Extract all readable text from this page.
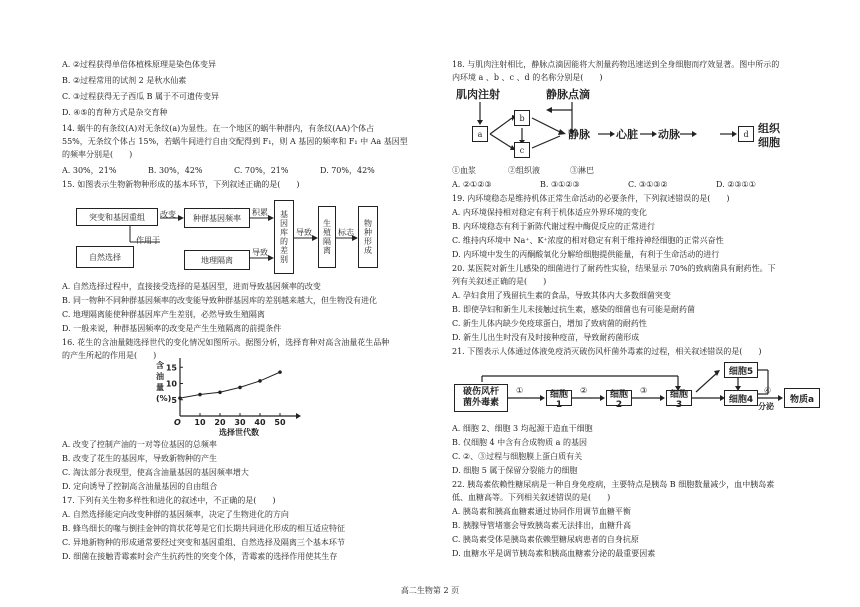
A. ②过程获得单倍体植株原理是染色体变异
B. ②过程常用的试剂 2 是秋水仙素
C. ③过程获得无子西瓜 B 属于不可遗传变异
D. ④⑤的育种方式是杂交育种
14. 蜗牛的有条纹(A)对无条纹(a)为显性。在一个地区的蜗牛种群内，有条纹(AA)个体占
55%，无条纹个体占 15%，若蜗牛间进行自由交配得到 F₁，则 A 基因的频率和 F₁ 中 Aa 基因型
的频率分别是(　　)
A. 30%，21%	B. 30%，42%	C. 70%，21%	D. 70%，42%
15. 如图表示生物新物种形成的基本环节，下列叙述正确的是(　　)
突变和基因重组
自然选择
作用于
改变	种群基因频率
地理隔离
积累
导致	基因库的差别 导致	生殖隔离 标志	物种形成
A. 自然选择过程中，直接接受选择的是基因型，进而导致基因频率的改变
B. 同一物种不同种群基因频率的改变能导致种群基因库的差别越来越大，但生物没有进化
C. 地理隔离能使种群基因库产生差别，必然导致生殖隔离
D. 一般来说，种群基因频率的改变是产生生殖隔离的前提条件
16. 花生的含油量随选择世代的变化情况如图所示。据图分析，选择育种对高含油量花生品种
的产生所起的作用是(　　)
含
油
量
(%) 5
10
15
10 20 30 40 50
O
选择世代数
A. 改变了控制产油的一对等位基因的总频率
B. 改变了花生的基因库，导致新物种的产生
C. 淘汰部分表现型，使高含油量基因的基因频率增大
D. 定向诱导了控制高含油量基因的自由组合
17. 下列有关生物多样性和进化的叙述中，不正确的是(　　)
A. 自然选择能定向改变种群的基因频率，决定了生物进化的方向
B. 蜂鸟细长的喙与倒挂金钟的筒状花萼是它们长期共同进化形成的相互适应特征
C. 异地新物种的形成通常要经过突变和基因重组、自然选择及隔离三个基本环节
D. 细菌在接触青霉素时会产生抗药性的突变个体，青霉素的选择作用使其生存
18. 与肌肉注射相比，静脉点滴因能将大剂量药物迅速送到全身细胞而疗效显著。图中所示的
内环境 a 、b 、c 、d 的名称分别是(　　)
肌肉注射	静脉点滴
a
b
c
静脉 心脏 动脉	d 组织
细胞
①血浆	②组织液	③淋巴
A. ②①②③	B. ③①②③	C. ③①③②	D. ②③①①
19. 内环境稳态是维持机体正常生命活动的必要条件，下列叙述错误的是(　　)
A. 内环境保持相对稳定有利于机体适应外界环境的变化
B. 内环境稳态有利于新陈代谢过程中酶促反应的正常进行
C. 维持内环境中 Na⁺、K⁺浓度的相对稳定有利于维持神经细胞的正常兴奋性
D. 内环境中发生的丙酮酸氧化分解给细胞提供能量，有利于生命活动的进行
20. 某医院对新生儿感染的细菌进行了耐药性实验，结果显示 70%的致病菌具有耐药性。下
列有关叙述正确的是(　　)
A. 孕妇食用了残留抗生素的食品，导致其体内大多数细菌突变
B. 即使孕妇和新生儿未接触过抗生素，感染的细菌也有可能是耐药菌
C. 新生儿体内缺少免疫球蛋白，增加了致病菌的耐药性
D. 新生儿出生时没有及时接种疫苗，导致耐药菌形成
21. 下图表示人体通过体液免疫消灭破伤风杆菌外毒素的过程，相关叙述错误的是(　　)
破伤风杆
菌外毒素
①	细胞1
②	细胞2
③	细胞3
细胞5
细胞4
④
分泌
物质a
A. 细胞 2、细胞 3 均起源于造血干细胞
B. 仅细胞 4 中含有合成物质 a 的基因
C. ②、③过程与细胞膜上蛋白质有关
D. 细胞 5 属于保留分裂能力的细胞
22. 胰岛素依赖性糖尿病是一种自身免疫病，主要特点是胰岛 B 细胞数量减少，血中胰岛素
低、血糖高等。下列相关叙述错误的是(　　)
A. 胰岛素和胰高血糖素通过协同作用调节血糖平衡
B. 胰腺导管堵塞会导致胰岛素无法排出，血糖升高
C. 胰岛素受体是胰岛素依赖型糖尿病患者的自身抗原
D. 血糖水平是调节胰岛素和胰高血糖素分泌的最重要因素
高二生物第 2 页
